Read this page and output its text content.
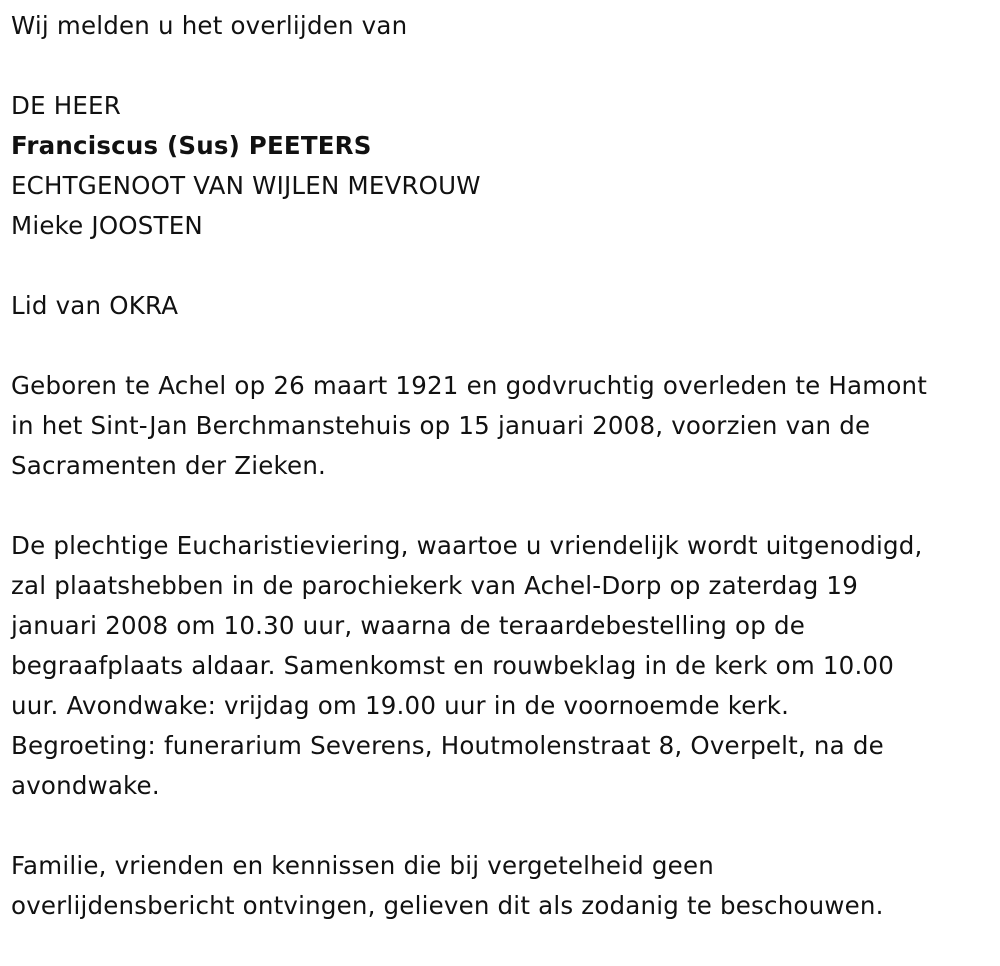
Wij melden u het overlijden van
DE HEER
Franciscus (Sus) PEETERS
ECHTGENOOT VAN WIJLEN MEVROUW
Mieke JOOSTEN
Lid van OKRA
Geboren te Achel op 26 maart 1921 en godvruchtig overleden te Hamont
in het Sint-Jan Berchmanstehuis op 15 januari 2008, voorzien van de
Sacramenten der Zieken.
De plechtige Eucharistieviering, waartoe u vriendelijk wordt uitgenodigd,
zal plaatshebben in de parochiekerk van Achel-Dorp op zaterdag 19
januari 2008 om 10.30 uur, waarna de teraardebestelling op de
begraafplaats aldaar. Samenkomst en rouwbeklag in de kerk om 10.00
uur. Avondwake: vrijdag om 19.00 uur in de voornoemde kerk.
Begroeting: funerarium Severens, Houtmolenstraat 8, Overpelt, na de
avondwake.
Familie, vrienden en kennissen die bij vergetelheid geen
overlijdensbericht ontvingen, gelieven dit als zodanig te beschouwen.
